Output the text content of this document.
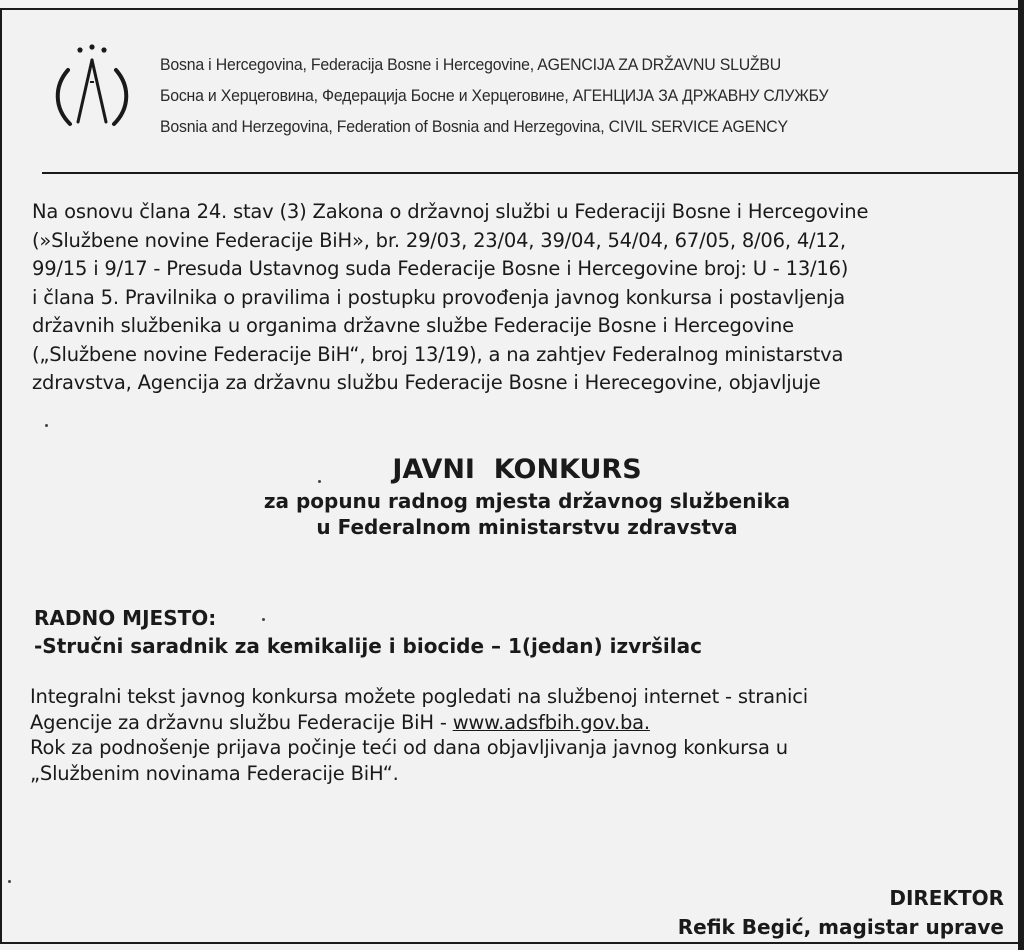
Bosna i Hercegovina, Federacija Bosne i Hercegovine, AGENCIJA ZA DRŽAVNU SLUŽBU
Босна и Херцеговина, Федерација Босне и Херцеговине, АГЕНЦИЈА ЗА ДРЖАВНУ СЛУЖБУ
Bosnia and Herzegovina, Federation of Bosnia and Herzegovina, CIVIL SERVICE AGENCY
Na osnovu člana 24. stav (3) Zakona o državnoj službi u Federaciji Bosne i Hercegovine
(»Službene novine Federacije BiH», br. 29/03, 23/04, 39/04, 54/04, 67/05, 8/06, 4/12,
99/15 i 9/17 - Presuda Ustavnog suda Federacije Bosne i Hercegovine broj: U - 13/16)
i člana 5. Pravilnika o pravilima i postupku provođenja javnog konkursa i postavljenja
državnih službenika u organima državne službe Federacije Bosne i Hercegovine
(„Službene novine Federacije BiH“, broj 13/19), a na zahtjev Federalnog ministarstva
zdravstva, Agencija za državnu službu Federacije Bosne i Herecegovine, objavljuje
JAVNI  KONKURS
za popunu radnog mjesta državnog službenika
u Federalnom ministarstvu zdravstva
RADNO MJESTO:
-Stručni saradnik za kemikalije i biocide – 1(jedan) izvršilac
Integralni tekst javnog konkursa možete pogledati na službenoj internet - stranici
Agencije za državnu službu Federacije BiH - www.adsfbih.gov.ba.
Rok za podnošenje prijava počinje teći od dana objavljivanja javnog konkursa u
„Službenim novinama Federacije BiH“.
DIREKTOR
Refik Begić, magistar uprave
